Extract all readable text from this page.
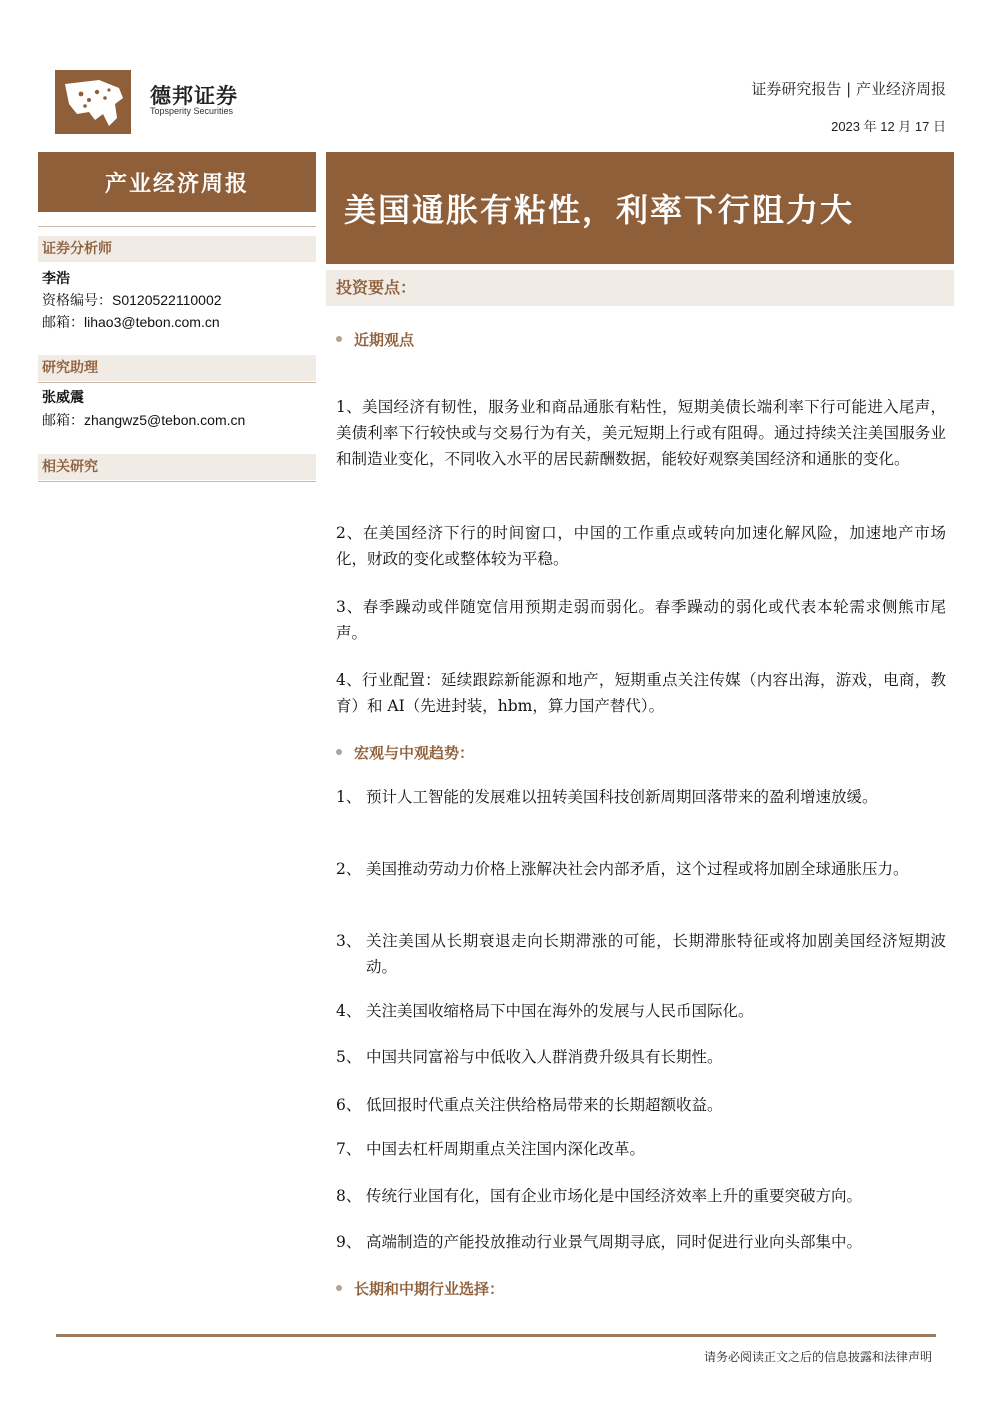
德邦证券
Topsperity Securities
证券研究报告 | 产业经济周报
2023 年 12 月 17 日
产业经济周报
证券分析师
李浩
资格编号：S0120522110002
邮箱：lihao3@tebon.com.cn
研究助理
张威震
邮箱：zhangwz5@tebon.com.cn
相关研究
美国通胀有粘性，利率下行阻力大
投资要点：
近期观点
1、美国经济有韧性，服务业和商品通胀有粘性，短期美债长端利率下行可能进入尾声，美债利率下行较快或与交易行为有关，美元短期上行或有阻碍。通过持续关注美国服务业和制造业变化，不同收入水平的居民薪酬数据，能较好观察美国经济和通胀的变化。
2、在美国经济下行的时间窗口，中国的工作重点或转向加速化解风险，加速地产市场化，财政的变化或整体较为平稳。
3、春季躁动或伴随宽信用预期走弱而弱化。春季躁动的弱化或代表本轮需求侧熊市尾声。
4、行业配置：延续跟踪新能源和地产，短期重点关注传媒（内容出海，游戏，电商，教育）和 AI（先进封装，hbm，算力国产替代）。
宏观与中观趋势：
1、 预计人工智能的发展难以扭转美国科技创新周期回落带来的盈利增速放缓。
2、 美国推动劳动力价格上涨解决社会内部矛盾，这个过程或将加剧全球通胀压力。
3、 关注美国从长期衰退走向长期滞涨的可能，长期滞胀特征或将加剧美国经济短期波动。
4、 关注美国收缩格局下中国在海外的发展与人民币国际化。
5、 中国共同富裕与中低收入人群消费升级具有长期性。
6、 低回报时代重点关注供给格局带来的长期超额收益。
7、 中国去杠杆周期重点关注国内深化改革。
8、 传统行业国有化，国有企业市场化是中国经济效率上升的重要突破方向。
9、 高端制造的产能投放推动行业景气周期寻底，同时促进行业向头部集中。
长期和中期行业选择：
请务必阅读正文之后的信息披露和法律声明
